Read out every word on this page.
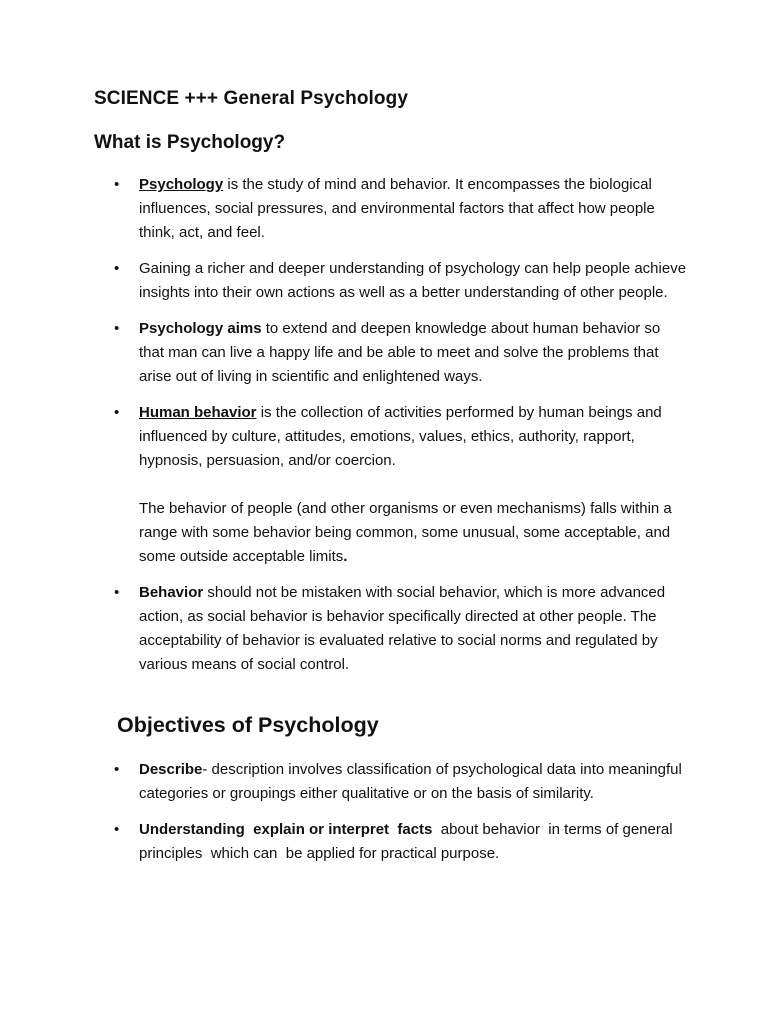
SCIENCE +++ General Psychology
What is Psychology?
• Psychology is the study of mind and behavior. It encompasses the biological influences, social pressures, and environmental factors that affect how people think, act, and feel.
• Gaining a richer and deeper understanding of psychology can help people achieve insights into their own actions as well as a better understanding of other people.
• Psychology aims to extend and deepen knowledge about human behavior so that man can live a happy life and be able to meet and solve the problems that arise out of living in scientific and enlightened ways.
• Human behavior is the collection of activities performed by human beings and influenced by culture, attitudes, emotions, values, ethics, authority, rapport, hypnosis, persuasion, and/or coercion.
The behavior of people (and other organisms or even mechanisms) falls within a range with some behavior being common, some unusual, some acceptable, and some outside acceptable limits.
• Behavior should not be mistaken with social behavior, which is more advanced action, as social behavior is behavior specifically directed at other people. The acceptability of behavior is evaluated relative to social norms and regulated by various means of social control.
Objectives of Psychology
• Describe- description involves classification of psychological data into meaningful categories or groupings either qualitative or on the basis of similarity.
• Understanding  explain or interpret  facts  about behavior  in terms of general principles  which can  be applied for practical purpose.
